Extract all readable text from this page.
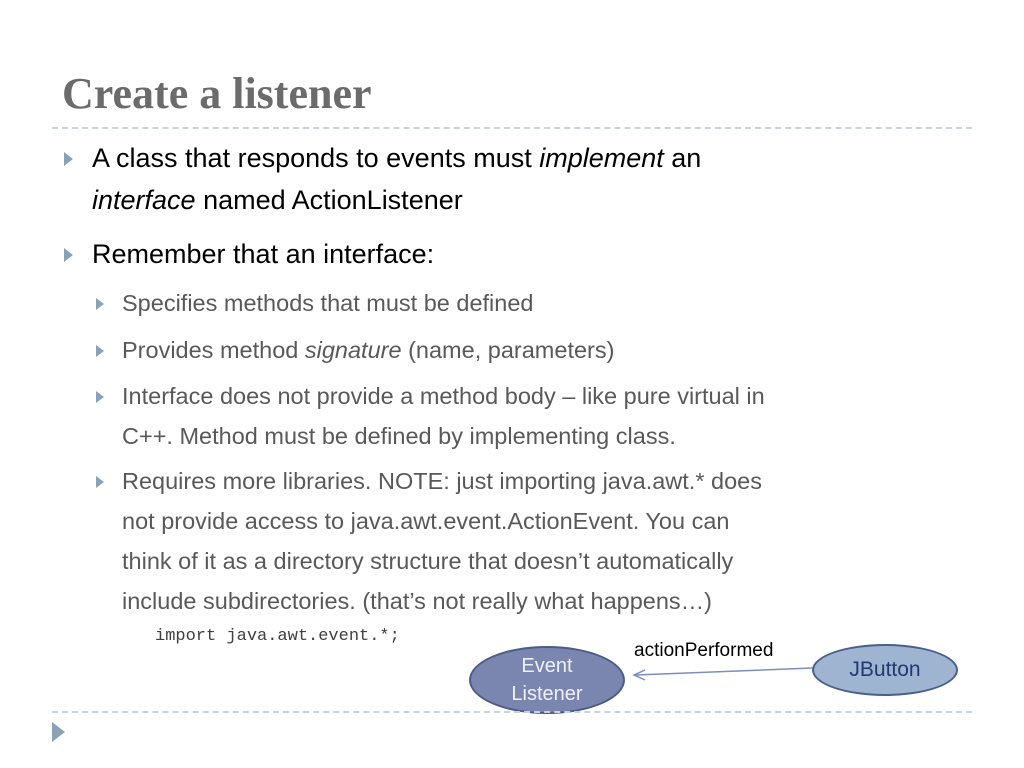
Create a listener
A class that responds to events must implement an
interface named ActionListener
Remember that an interface:
Specifies methods that must be defined
Provides method signature (name, parameters)
Interface does not provide a method body – like pure virtual in
C++. Method must be defined by implementing class.
Requires more libraries. NOTE: just importing java.awt.* does
not provide access to java.awt.event.ActionEvent. You can
think of it as a directory structure that doesn’t automatically
include subdirectories. (that’s not really what happens…)
import java.awt.event.*;
Event
Listener
JButton
actionPerformed
